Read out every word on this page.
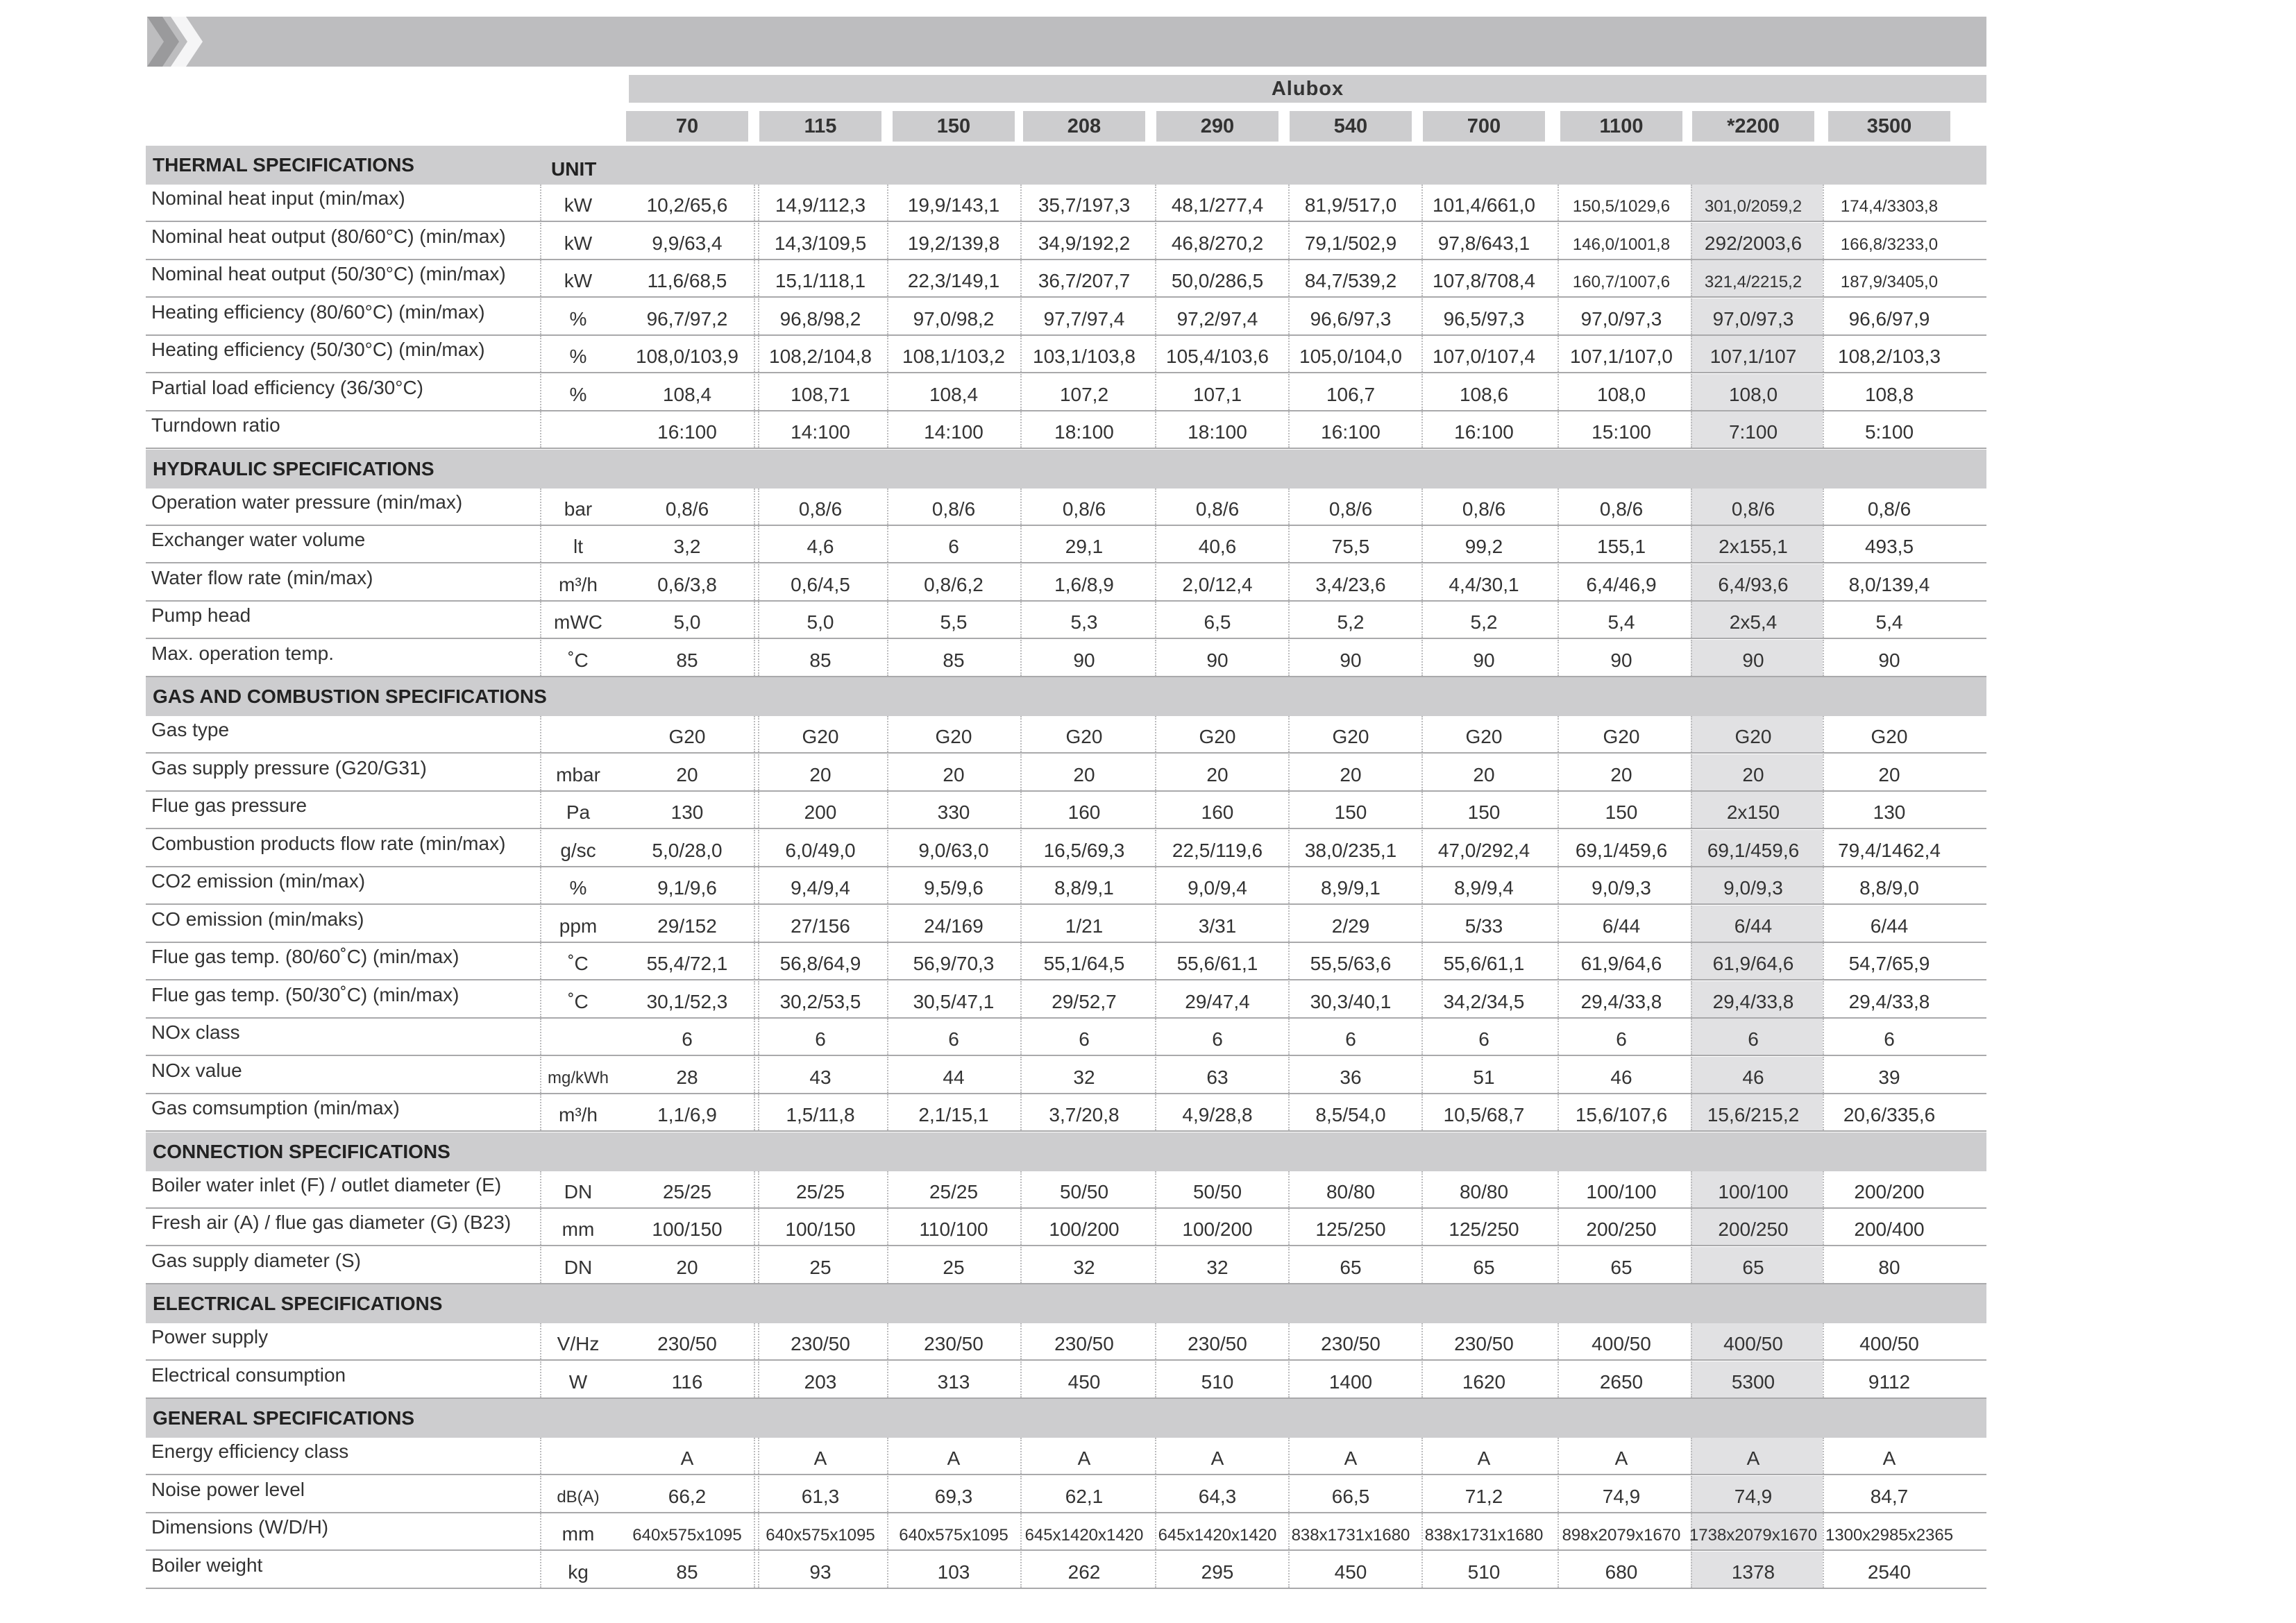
Alubox
70	115	150	208	290	540	700	1100	*2200	3500
THERMAL SPECIFICATIONS	UNIT
Nominal heat input (min/max)	kW	10,2/65,6	14,9/112,3	19,9/143,1	35,7/197,3	48,1/277,4	81,9/517,0	101,4/661,0	150,5/1029,6	301,0/2059,2	174,4/3303,8
Nominal heat output (80/60°C) (min/max)	kW	9,9/63,4	14,3/109,5	19,2/139,8	34,9/192,2	46,8/270,2	79,1/502,9	97,8/643,1	146,0/1001,8	292/2003,6	166,8/3233,0
Nominal heat output (50/30°C) (min/max)	kW	11,6/68,5	15,1/118,1	22,3/149,1	36,7/207,7	50,0/286,5	84,7/539,2	107,8/708,4	160,7/1007,6	321,4/2215,2	187,9/3405,0
Heating efficiency (80/60°C) (min/max)	%	96,7/97,2	96,8/98,2	97,0/98,2	97,7/97,4	97,2/97,4	96,6/97,3	96,5/97,3	97,0/97,3	97,0/97,3	96,6/97,9
Heating efficiency (50/30°C) (min/max)	%	108,0/103,9	108,2/104,8	108,1/103,2	103,1/103,8	105,4/103,6	105,0/104,0	107,0/107,4	107,1/107,0	107,1/107	108,2/103,3
Partial load efficiency (36/30°C)	%	108,4	108,71	108,4	107,2	107,1	106,7	108,6	108,0	108,0	108,8
Turndown ratio	16:100	14:100	14:100	18:100	18:100	16:100	16:100	15:100	7:100	5:100
HYDRAULIC SPECIFICATIONS
Operation water pressure (min/max)	bar	0,8/6	0,8/6	0,8/6	0,8/6	0,8/6	0,8/6	0,8/6	0,8/6	0,8/6	0,8/6
Exchanger water volume	lt	3,2	4,6	6	29,1	40,6	75,5	99,2	155,1	2x155,1	493,5
Water flow rate (min/max)	m³/h	0,6/3,8	0,6/4,5	0,8/6,2	1,6/8,9	2,0/12,4	3,4/23,6	4,4/30,1	6,4/46,9	6,4/93,6	8,0/139,4
Pump head	mWC	5,0	5,0	5,5	5,3	6,5	5,2	5,2	5,4	2x5,4	5,4
Max. operation temp.	˚C	85	85	85	90	90	90	90	90	90	90
GAS AND COMBUSTION SPECIFICATIONS
Gas type	G20	G20	G20	G20	G20	G20	G20	G20	G20	G20
Gas supply pressure (G20/G31)	mbar	20	20	20	20	20	20	20	20	20	20
Flue gas pressure	Pa	130	200	330	160	160	150	150	150	2x150	130
Combustion products flow rate (min/max)	g/sc	5,0/28,0	6,0/49,0	9,0/63,0	16,5/69,3	22,5/119,6	38,0/235,1	47,0/292,4	69,1/459,6	69,1/459,6	79,4/1462,4
CO2 emission (min/max)	%	9,1/9,6	9,4/9,4	9,5/9,6	8,8/9,1	9,0/9,4	8,9/9,1	8,9/9,4	9,0/9,3	9,0/9,3	8,8/9,0
CO emission (min/maks)	ppm	29/152	27/156	24/169	1/21	3/31	2/29	5/33	6/44	6/44	6/44
Flue gas temp. (80/60˚C) (min/max)	˚C	55,4/72,1	56,8/64,9	56,9/70,3	55,1/64,5	55,6/61,1	55,5/63,6	55,6/61,1	61,9/64,6	61,9/64,6	54,7/65,9
Flue gas temp. (50/30˚C) (min/max)	˚C	30,1/52,3	30,2/53,5	30,5/47,1	29/52,7	29/47,4	30,3/40,1	34,2/34,5	29,4/33,8	29,4/33,8	29,4/33,8
NOx class	6	6	6	6	6	6	6	6	6	6
NOx value	mg/kWh	28	43	44	32	63	36	51	46	46	39
Gas comsumption (min/max)	m³/h	1,1/6,9	1,5/11,8	2,1/15,1	3,7/20,8	4,9/28,8	8,5/54,0	10,5/68,7	15,6/107,6	15,6/215,2	20,6/335,6
CONNECTION SPECIFICATIONS
Boiler water inlet (F) / outlet diameter (E)	DN	25/25	25/25	25/25	50/50	50/50	80/80	80/80	100/100	100/100	200/200
Fresh air (A) / flue gas diameter (G) (B23)	mm	100/150	100/150	110/100	100/200	100/200	125/250	125/250	200/250	200/250	200/400
Gas supply diameter (S)	DN	20	25	25	32	32	65	65	65	65	80
ELECTRICAL SPECIFICATIONS
Power supply	V/Hz	230/50	230/50	230/50	230/50	230/50	230/50	230/50	400/50	400/50	400/50
Electrical consumption	W	116	203	313	450	510	1400	1620	2650	5300	9112
GENERAL SPECIFICATIONS
Energy efficiency class	A	A	A	A	A	A	A	A	A	A
Noise power level	dB(A)	66,2	61,3	69,3	62,1	64,3	66,5	71,2	74,9	74,9	84,7
Dimensions (W/D/H)	mm	640x575x1095	640x575x1095	640x575x1095 645x1420x1420 645x1420x1420 838x1731x1680 838x1731x1680	898x2079x1670 1738x2079x1670 1300x2985x2365
Boiler weight	kg	85	93	103	262	295	450	510	680	1378	2540
